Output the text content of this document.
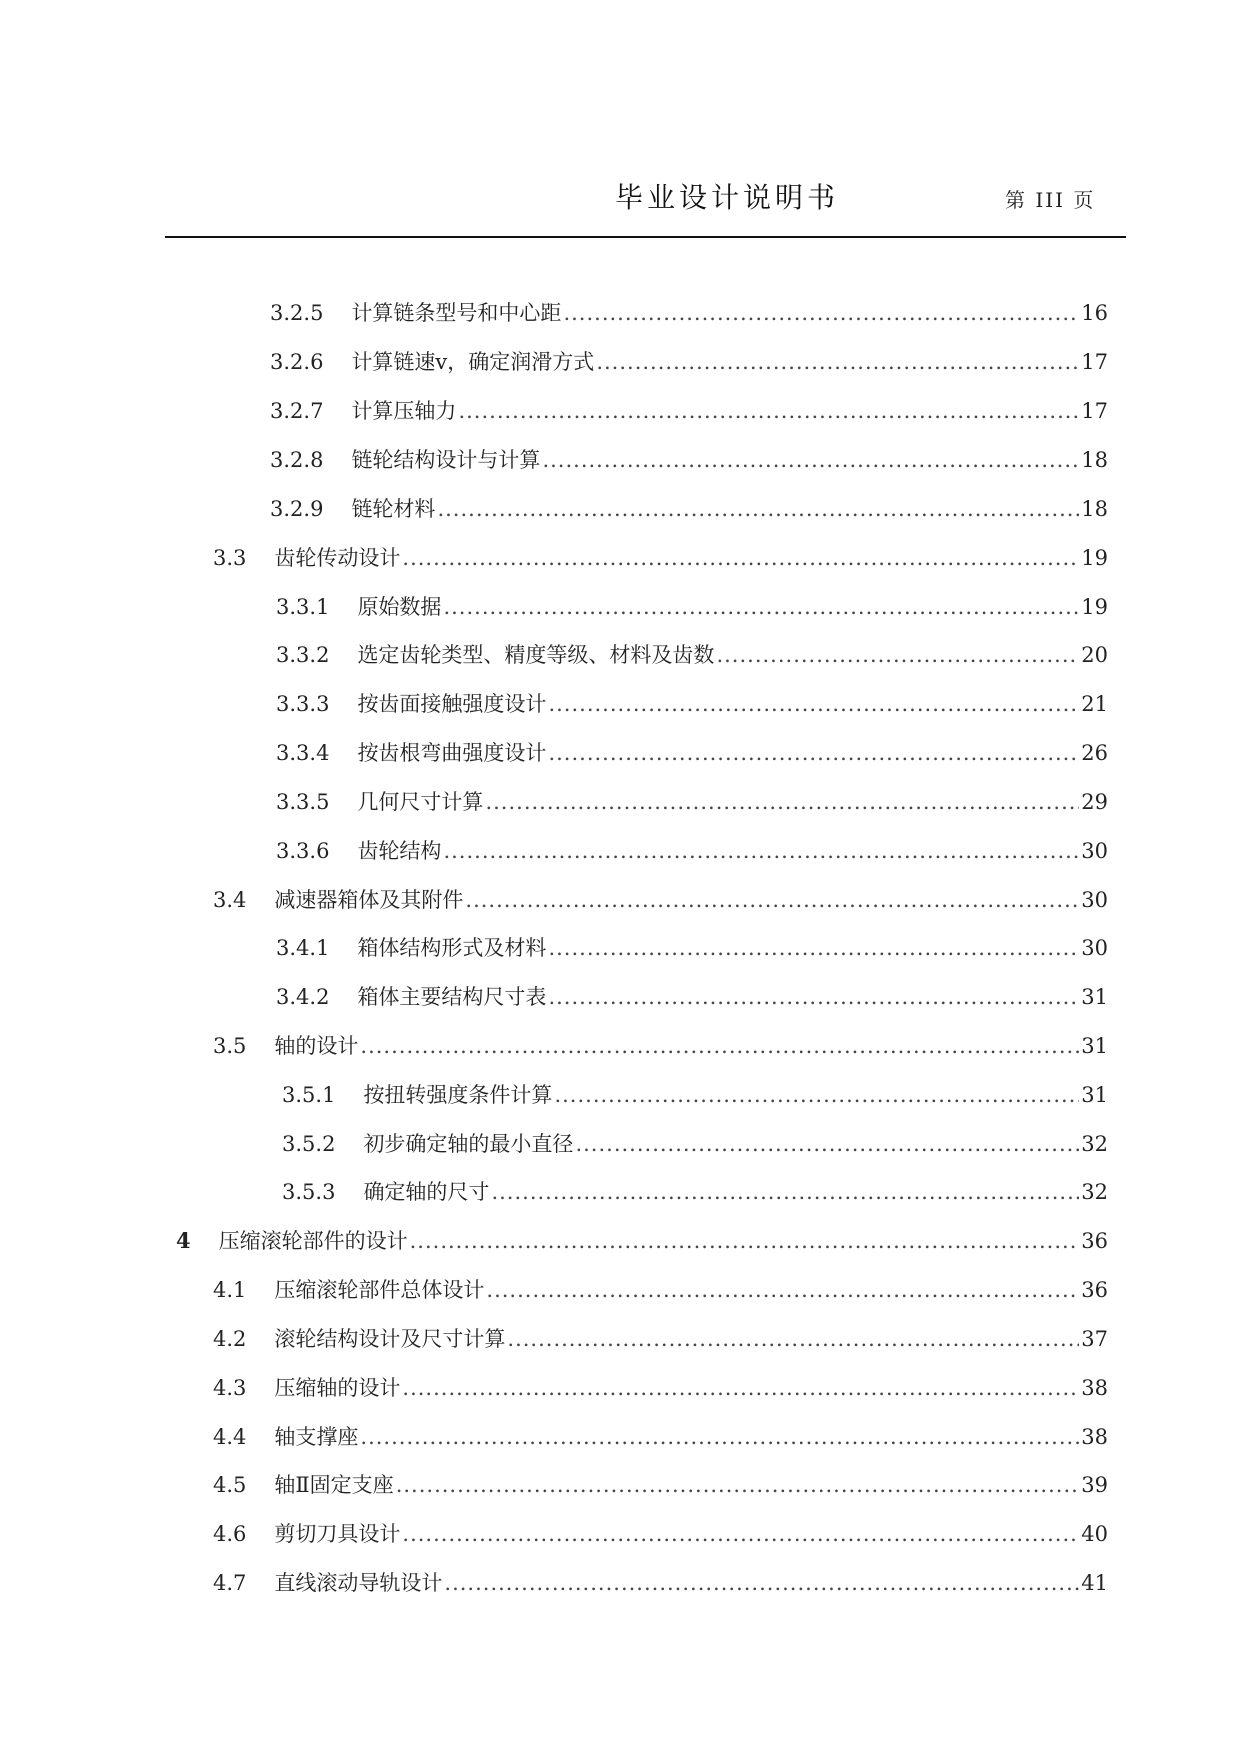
毕业设计说明书	第 III 页
3.2.5	计算链条型号和中心距 .....	16
3.2.6	计算链速v，确定润滑方式 .....	17
3.2.7	计算压轴力 .....	17
3.2.8	链轮结构设计与计算 .....	18
3.2.9	链轮材料 .....	18
3.3	齿轮传动设计 .....	19
3.3.1	原始数据 .....	19
3.3.2	选定齿轮类型、精度等级、材料及齿数 .....	20
3.3.3	按齿面接触强度设计 .....	21
3.3.4	按齿根弯曲强度设计 .....	26
3.3.5	几何尺寸计算 .....	29
3.3.6	齿轮结构 .....	30
3.4	减速器箱体及其附件 .....	30
3.4.1	箱体结构形式及材料 .....	30
3.4.2	箱体主要结构尺寸表 .....	31
3.5	轴的设计 .....	31
3.5.1	按扭转强度条件计算 .....	31
3.5.2	初步确定轴的最小直径 .....	32
3.5.3	确定轴的尺寸 .....	32
4	压缩滚轮部件的设计 .....	36
4.1	压缩滚轮部件总体设计 .....	36
4.2	滚轮结构设计及尺寸计算 .....	37
4.3	压缩轴的设计 .....	38
4.4	轴支撑座 .....	38
4.5	轴Ⅱ固定支座 .....	39
4.6	剪切刀具设计 .....	40
4.7	直线滚动导轨设计 .....	41
